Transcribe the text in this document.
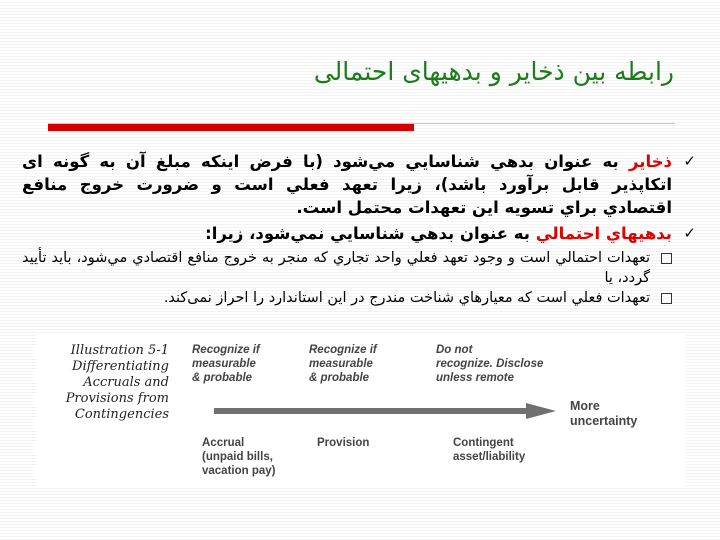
رابطه بين ذخاير و بدهيهای احتمالی
✓
ذخاير به عنوان بدهي شناسايي مي‌شود (با فرض اينكه مبلغ آن به گونه ای اتکاپذير قابل برآورد باشد)، زيرا تعهد فعلي است و ضرورت خروج منافع اقتصادي براي تسويه اين تعهدات محتمل است.
✓
بدهيهاي احتمالي به عنوان بدهي شناسايي نمي‌شود، زيرا:
تعهدات احتمالي است و وجود تعهد فعلي واحد تجاري كه منجر به خروج منافع اقتصادي مي‌شود، بايد تأييد گردد، يا
تعهدات فعلي است كه معيارهاي شناخت مندرج در اين استاندارد را احراز نمی‌كند.
Illustration 5-1
Differentiating
Accruals and
Provisions from
Contingencies
Recognize if
measurable
& probable
Recognize if
measurable
& probable
Do not
recognize. Disclose
unless remote
More
uncertainty
Accrual
(unpaid bills,
vacation pay)
Provision	Contingent
asset/liability
